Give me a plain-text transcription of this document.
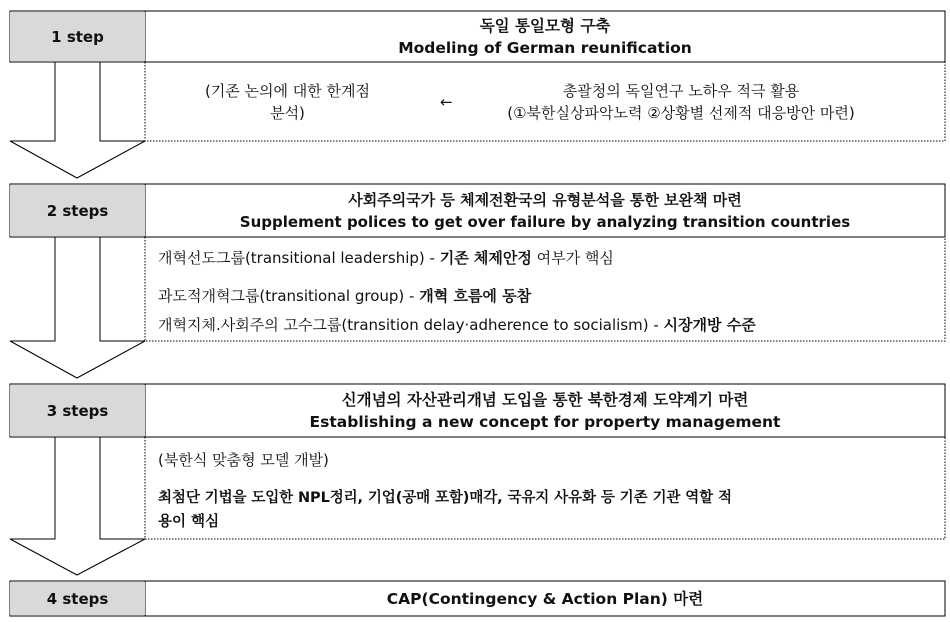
1 step
독일 통일모형 구축
Modeling of German reunification
(기존 논의에 대한 한계점
분석)
←
총괄청의 독일연구 노하우 적극 활용
(①북한실상파악노력 ②상황별 선제적 대응방안 마련)
2 steps
사회주의국가 등 체제전환국의 유형분석을 통한 보완책 마련
Supplement polices to get over failure by analyzing transition countries
개혁선도그룹(transitional leadership) - 기존 체제안정 여부가 핵심
과도적개혁그룹(transitional group) - 개혁 흐름에 동참
개혁지체.사회주의 고수그룹(transition delay·adherence to socialism) - 시장개방 수준
3 steps
신개념의 자산관리개념 도입을 통한 북한경제 도약계기 마련
Establishing a new concept for property management
(북한식 맞춤형 모델 개발)
최첨단 기법을 도입한 NPL정리, 기업(공매 포함)매각, 국유지 사유화 등 기존 기관 역할 적
용이 핵심
4 steps	CAP(Contingency & Action Plan) 마련
